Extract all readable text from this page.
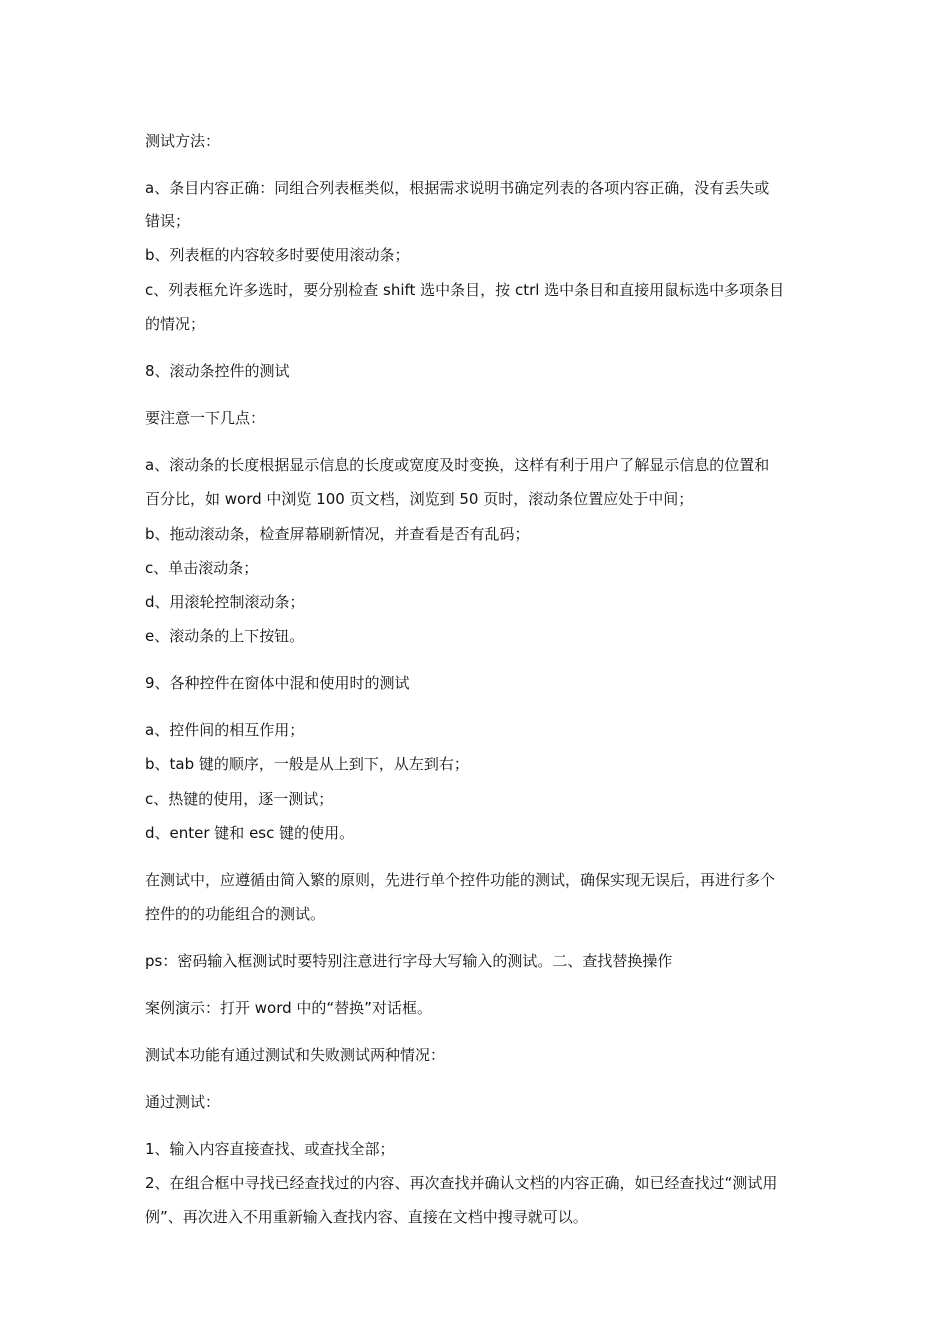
测试方法：

a、条目内容正确：同组合列表框类似，根据需求说明书确定列表的各项内容正确，没有丢失或

错误；

b、列表框的内容较多时要使用滚动条；

c、列表框允许多选时，要分别检查 shift 选中条目，按 ctrl 选中条目和直接用鼠标选中多项条目

的情况；

8、滚动条控件的测试

要注意一下几点：

a、滚动条的长度根据显示信息的长度或宽度及时变换，这样有利于用户了解显示信息的位置和

百分比，如 word 中浏览 100 页文档，浏览到 50 页时，滚动条位置应处于中间；

b、拖动滚动条，检查屏幕刷新情况，并查看是否有乱码；

c、单击滚动条；

d、用滚轮控制滚动条；

e、滚动条的上下按钮。

9、各种控件在窗体中混和使用时的测试

a、控件间的相互作用；

b、tab 键的顺序，一般是从上到下，从左到右；

c、热键的使用，逐一测试；

d、enter 键和 esc 键的使用。

在测试中，应遵循由简入繁的原则，先进行单个控件功能的测试，确保实现无误后，再进行多个

控件的的功能组合的测试。

ps：密码输入框测试时要特别注意进行字母大写输入的测试。二、查找替换操作

案例演示：打开 word 中的“替换”对话框。

测试本功能有通过测试和失败测试两种情况：

通过测试：

1、输入内容直接查找、或查找全部；

2、在组合框中寻找已经查找过的内容、再次查找并确认文档的内容正确，如已经查找过“测试用

例”、再次进入不用重新输入查找内容、直接在文档中搜寻就可以。
